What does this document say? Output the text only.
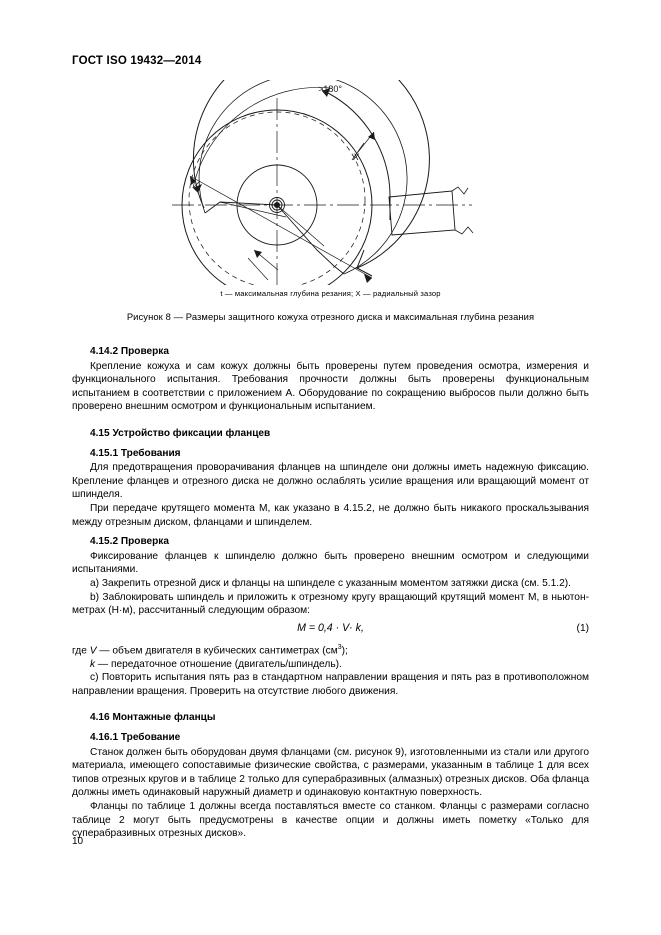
ГОСТ ISO 19432—2014
>180°
X
t — максимальная глубина резания; X — радиальный зазор
Рисунок 8 — Размеры защитного кожуха отрезного диска и максимальная глубина резания
4.14.2 Проверка

Крепление кожуха и сам кожух должны быть проверены путем проведения осмотра, измерения и функционального испытания. Требования прочности должны быть проверены функциональным испытанием в соответствии с приложением А. Оборудование по сокращению выбросов пыли должно быть проверено внешним осмотром и функциональным испытанием.

4.15 Устройство фиксации фланцев
4.15.1 Требования

Для предотвращения проворачивания фланцев на шпинделе они должны иметь надежную фиксацию. Крепление фланцев и отрезного диска не должно ослаблять усилие вращения или вращающий момент от шпинделя.

При передаче крутящего момента М, как указано в 4.15.2, не должно быть никакого проскальзывания между отрезным диском, фланцами и шпинделем.

4.15.2 Проверка

Фиксирование фланцев к шпинделю должно быть проверено внешним осмотром и следующими испытаниями.

a) Закрепить отрезной диск и фланцы на шпинделе с указанным моментом затяжки диска (см. 5.1.2).

b) Заблокировать шпиндель и приложить к отрезному кругу вращающий крутящий момент М, в ньютон-метрах (Н·м), рассчитанный следующим образом:

M = 0,4 · V· k,	(1)

где V — объем двигателя в кубических сантиметрах $(см^3)$;

k — передаточное отношение (двигатель/шпиндель).

c) Повторить испытания пять раз в стандартном направлении вращения и пять раз в противоположном направлении вращения. Проверить на отсутствие любого движения.

4.16 Монтажные фланцы
4.16.1 Требование

Станок должен быть оборудован двумя фланцами (см. рисунок 9), изготовленными из стали или другого материала, имеющего сопоставимые физические свойства, с размерами, указанным в таблице 1 для всех типов отрезных кругов и в таблице 2 только для суперабразивных (алмазных) отрезных дисков. Оба фланца должны иметь одинаковый наружный диаметр и одинаковую контактную поверхность.

Фланцы по таблице 1 должны всегда поставляться вместе со станком. Фланцы с размерами согласно таблице 2 могут быть предусмотрены в качестве опции и должны иметь пометку «Только для суперабразивных отрезных дисков».

10
